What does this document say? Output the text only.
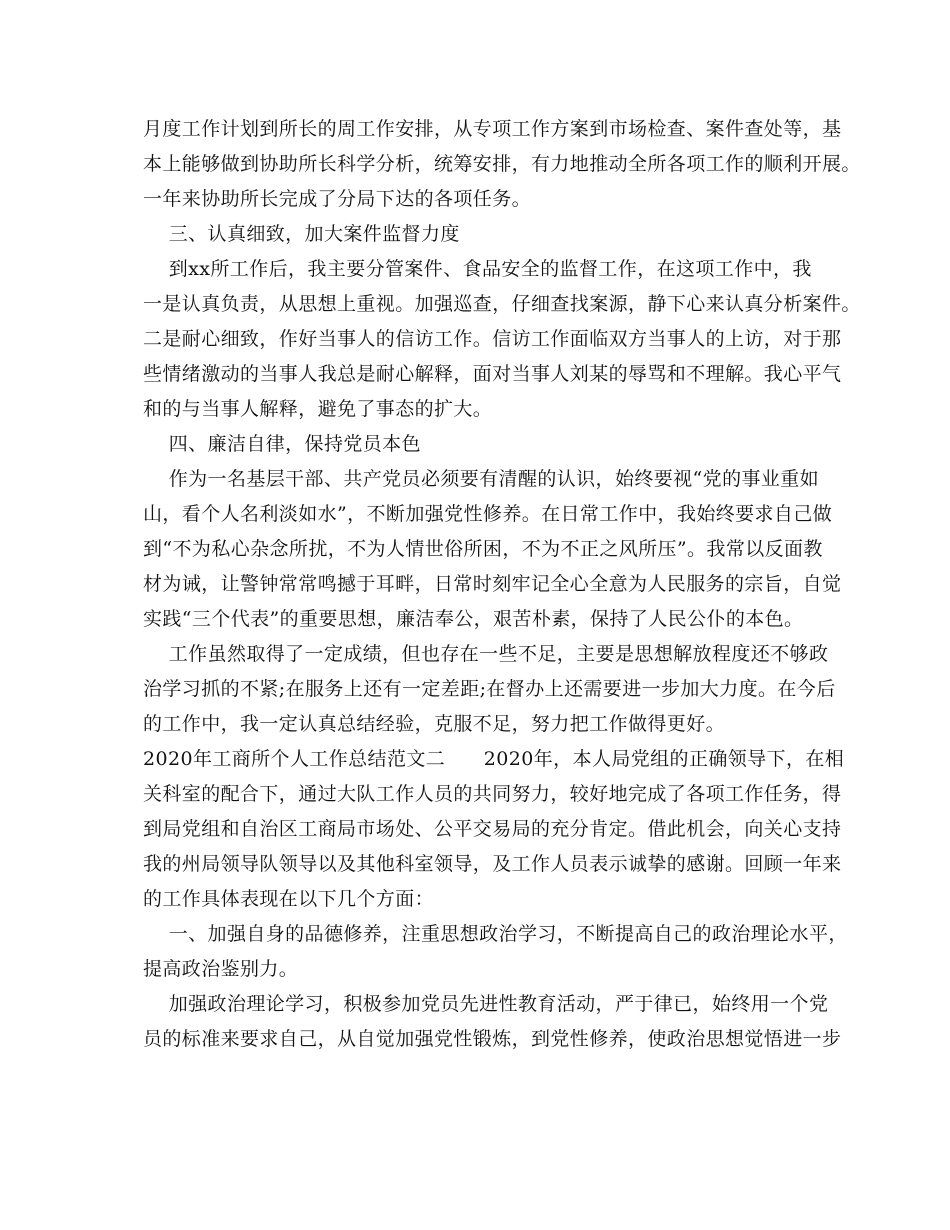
月度工作计划到所长的周工作安排，从专项工作方案到市场检查、案件查处等，基
本上能够做到协助所长科学分析，统筹安排，有力地推动全所各项工作的顺利开展。
一年来协助所长完成了分局下达的各项任务。
三、认真细致，加大案件监督力度
到xx所工作后，我主要分管案件、食品安全的监督工作，在这项工作中，我
一是认真负责，从思想上重视。加强巡查，仔细查找案源，静下心来认真分析案件。
二是耐心细致，作好当事人的信访工作。信访工作面临双方当事人的上访，对于那
些情绪激动的当事人我总是耐心解释，面对当事人刘某的辱骂和不理解。我心平气
和的与当事人解释，避免了事态的扩大。
四、廉洁自律，保持党员本色
作为一名基层干部、共产党员必须要有清醒的认识，始终要视“党的事业重如
山，看个人名利淡如水”，不断加强党性修养。在日常工作中，我始终要求自己做
到“不为私心杂念所扰，不为人情世俗所困，不为不正之风所压”。我常以反面教
材为诫，让警钟常常鸣撼于耳畔，日常时刻牢记全心全意为人民服务的宗旨，自觉
实践“三个代表”的重要思想，廉洁奉公，艰苦朴素，保持了人民公仆的本色。
工作虽然取得了一定成绩，但也存在一些不足，主要是思想解放程度还不够政
治学习抓的不紧;在服务上还有一定差距;在督办上还需要进一步加大力度。在今后
的工作中，我一定认真总结经验，克服不足，努力把工作做得更好。
2020年工商所个人工作总结范文二      2020年，本人局党组的正确领导下，在相
关科室的配合下，通过大队工作人员的共同努力，较好地完成了各项工作任务，得
到局党组和自治区工商局市场处、公平交易局的充分肯定。借此机会，向关心支持
我的州局领导队领导以及其他科室领导，及工作人员表示诚挚的感谢。回顾一年来
的工作具体表现在以下几个方面：
一、加强自身的品德修养，注重思想政治学习，不断提高自己的政治理论水平，
提高政治鉴别力。
加强政治理论学习，积极参加党员先进性教育活动，严于律已，始终用一个党
员的标准来要求自己，从自觉加强党性锻炼，到党性修养，使政治思想觉悟进一步
